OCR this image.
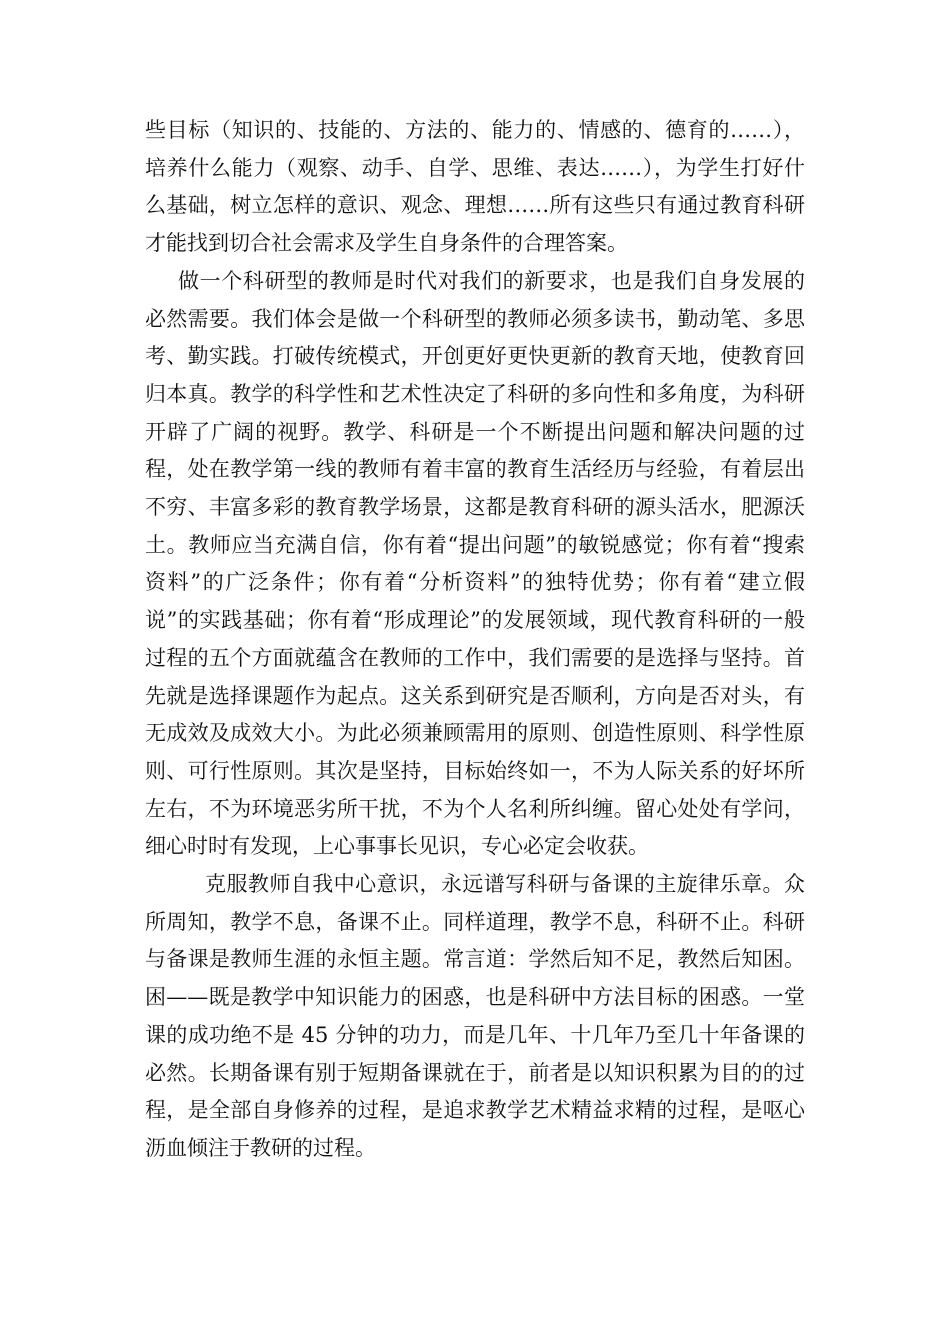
些目标（知识的、技能的、方法的、能力的、情感的、德育的……），培养什么能力（观察、动手、自学、思维、表达……），为学生打好什么基础，树立怎样的意识、观念、理想……所有这些只有通过教育科研才能找到切合社会需求及学生自身条件的合理答案。

做一个科研型的教师是时代对我们的新要求，也是我们自身发展的必然需要。我们体会是做一个科研型的教师必须多读书，勤动笔、多思考、勤实践。打破传统模式，开创更好更快更新的教育天地，使教育回归本真。教学的科学性和艺术性决定了科研的多向性和多角度，为科研开辟了广阔的视野。教学、科研是一个不断提出问题和解决问题的过程，处在教学第一线的教师有着丰富的教育生活经历与经验，有着层出不穷、丰富多彩的教育教学场景，这都是教育科研的源头活水，肥源沃土。教师应当充满自信，你有着“提出问题”的敏锐感觉；你有着“搜索资料”的广泛条件；你有着“分析资料”的独特优势；你有着“建立假说”的实践基础；你有着“形成理论”的发展领域，现代教育科研的一般过程的五个方面就蕴含在教师的工作中，我们需要的是选择与坚持。首先就是选择课题作为起点。这关系到研究是否顺利，方向是否对头，有无成效及成效大小。为此必须兼顾需用的原则、创造性原则、科学性原则、可行性原则。其次是坚持，目标始终如一，不为人际关系的好坏所左右，不为环境恶劣所干扰，不为个人名利所纠缠。留心处处有学问，细心时时有发现，上心事事长见识，专心必定会收获。

克服教师自我中心意识，永远谱写科研与备课的主旋律乐章。众所周知，教学不息，备课不止。同样道理，教学不息，科研不止。科研与备课是教师生涯的永恒主题。常言道：学然后知不足，教然后知困。困——既是教学中知识能力的困惑，也是科研中方法目标的困惑。一堂课的成功绝不是 45 分钟的功力，而是几年、十几年乃至几十年备课的必然。长期备课有别于短期备课就在于，前者是以知识积累为目的的过程，是全部自身修养的过程，是追求教学艺术精益求精的过程，是呕心沥血倾注于教研的过程。
